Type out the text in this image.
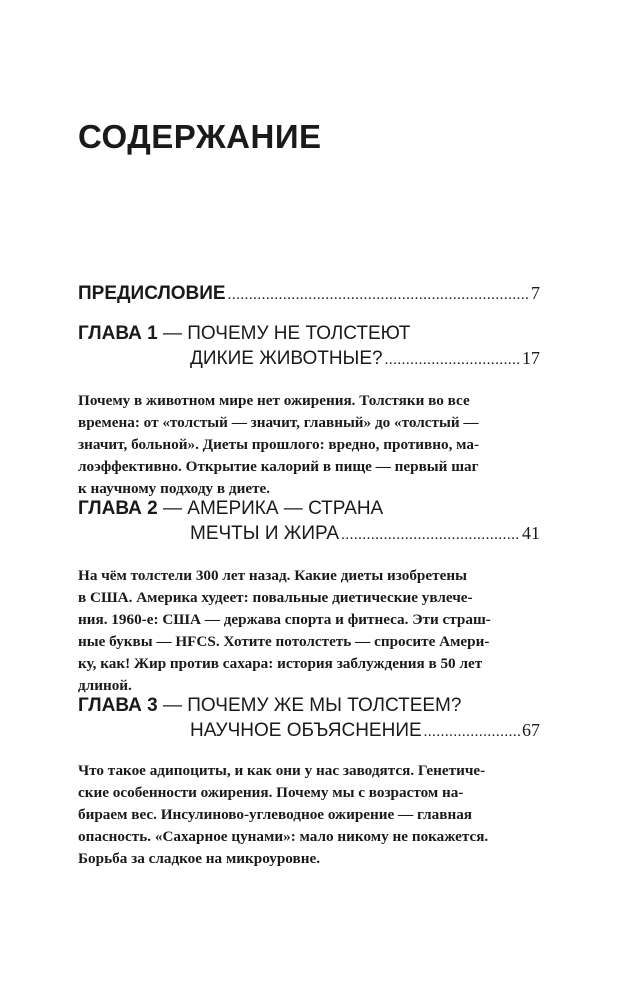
СОДЕРЖАНИЕ
ПРЕДИСЛОВИЕ .....	7
ГЛАВА 1 — ПОЧЕМУ НЕ ТОЛСТЕЮТ
ДИКИЕ ЖИВОТНЫЕ? .....	17
Почему в животном мире нет ожирения. Толстяки во все
времена: от «толстый — значит, главный» до «толстый —
значит, больной». Диеты прошлого: вредно, противно, ма-
лоэффективно. Открытие калорий в пище — первый шаг
к научному подходу в диете.
ГЛАВА 2 — АМЕРИКА — СТРАНА
МЕЧТЫ И ЖИРА .....	41
На чём толстели 300 лет назад. Какие диеты изобретены
в США. Америка худеет: повальные диетические увлече-
ния. 1960-е: США — держава спорта и фитнеса. Эти страш-
ные буквы — HFCS. Хотите потолстеть — спросите Амери-
ку, как! Жир против сахара: история заблуждения в 50 лет
длиной.
ГЛАВА 3 — ПОЧЕМУ ЖЕ МЫ ТОЛСТЕЕМ?
НАУЧНОЕ ОБЪЯСНЕНИЕ .....	67
Что такое адипоциты, и как они у нас заводятся. Генетиче-
ские особенности ожирения. Почему мы с возрастом на-
бираем вес. Инсулиново-углеводное ожирение — главная
опасность. «Сахарное цунами»: мало никому не покажется.
Борьба за сладкое на микроуровне.
